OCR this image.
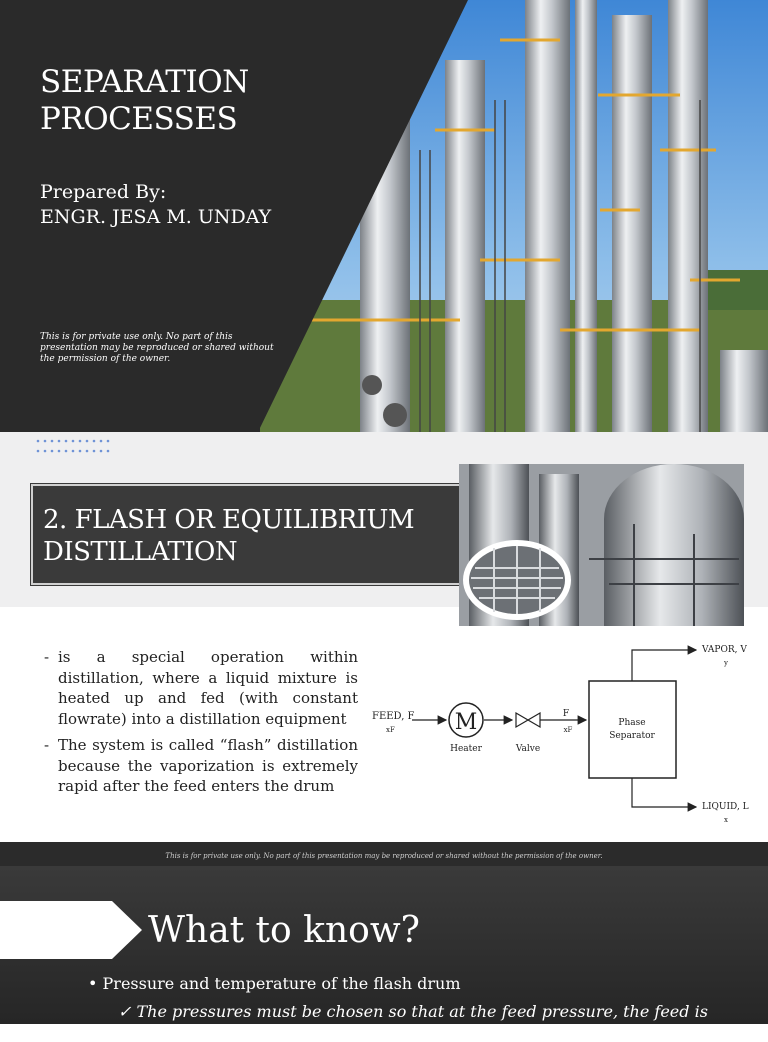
SEPARATION
PROCESSES
Prepared By:
ENGR. JESA M. UNDAY
This is for private use only. No part of this presentation may be reproduced or shared without the permission of the owner.
2. FLASH OR EQUILIBRIUM
DISTILLATION
- is a special operation within distillation, where a liquid mixture is heated up and fed (with constant flowrate) into a distillation equipment
- The system is called “flash” distillation because the vaporization is extremely rapid after the feed enters the drum
FEED, F
xF	M
Heater	Valve
F
xF
Phase
Separator
VAPOR, V
y
LIQUID, L
x
This is for private use only. No part of this presentation may be reproduced or shared without the permission of the owner.
What to know?
• Pressure and temperature of the flash drum
✓ The pressures must be chosen so that at the feed pressure, the feed is below its
